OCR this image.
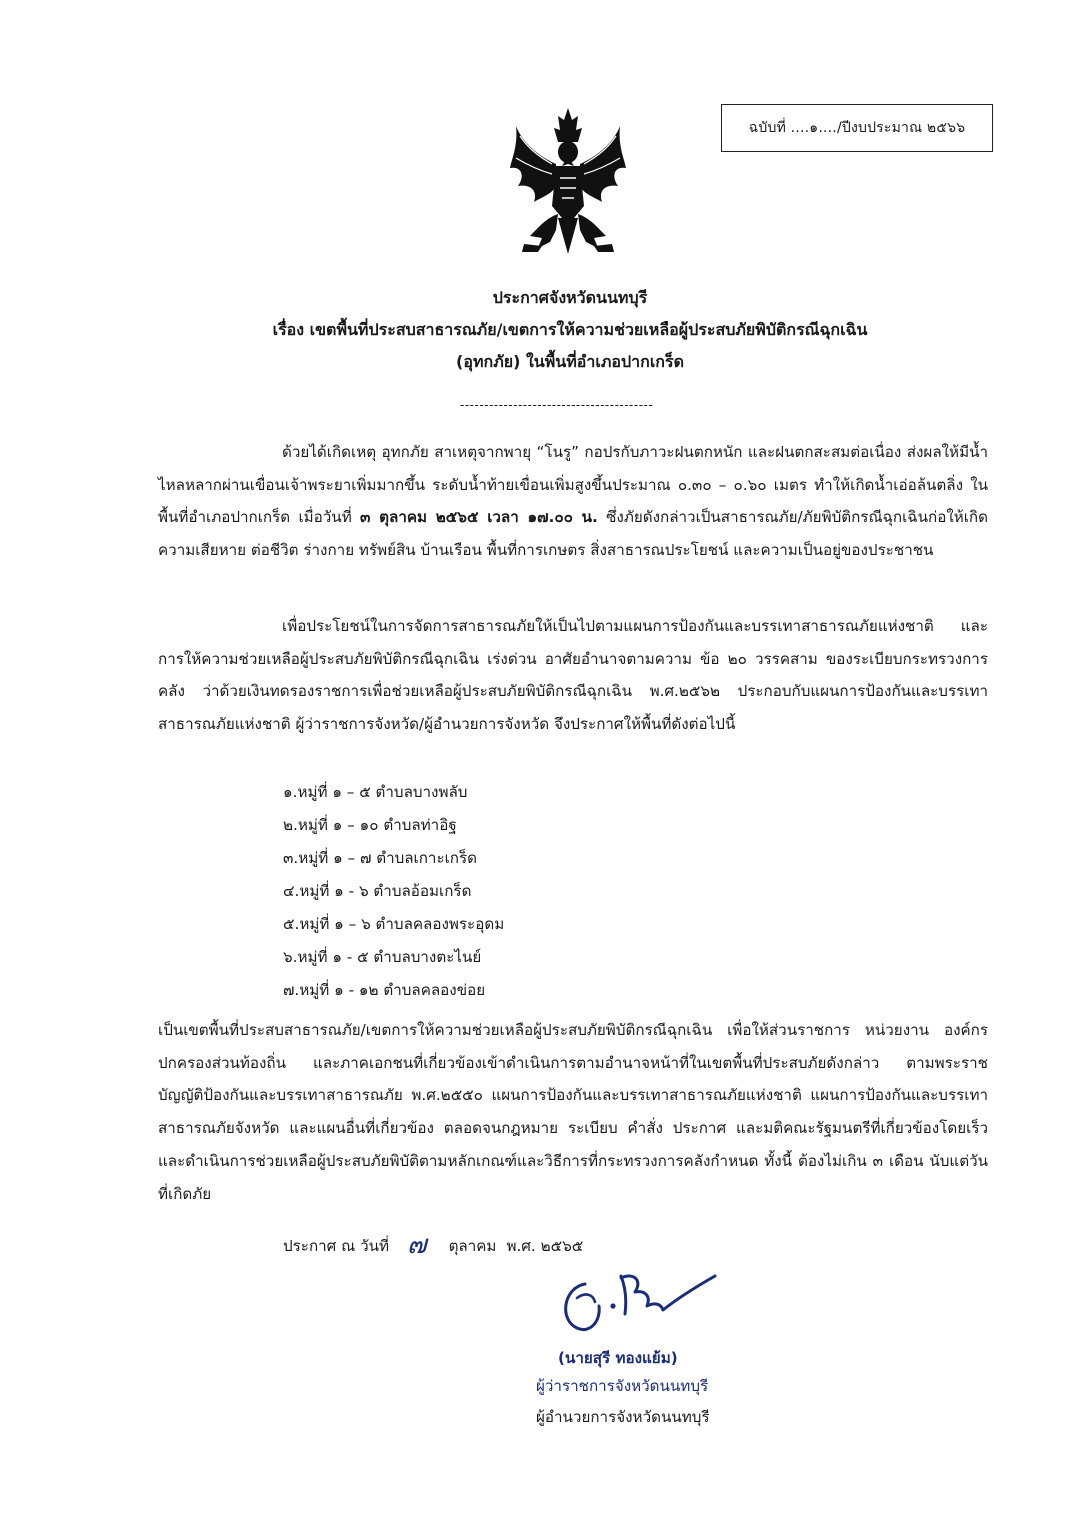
ฉบับที่ ....๑..../ปีงบประมาณ ๒๕๖๖
ประกาศจังหวัดนนทบุรี
เรื่อง เขตพื้นที่ประสบสาธารณภัย/เขตการให้ความช่วยเหลือผู้ประสบภัยพิบัติกรณีฉุกเฉิน
(อุทกภัย) ในพื้นที่อำเภอปากเกร็ด
----------------------------------------
ด้วยได้เกิดเหตุ อุทกภัย สาเหตุจากพายุ “โนรู” กอปรกับภาวะฝนตกหนัก และฝนตกสะสมต่อเนื่อง ส่งผลให้มีน้ำไหลหลากผ่านเขื่อนเจ้าพระยาเพิ่มมากขึ้น ระดับน้ำท้ายเขื่อนเพิ่มสูงขึ้นประมาณ ๐.๓๐ – ๐.๖๐ เมตร ทำให้เกิดน้ำเอ่อล้นตลิ่ง ในพื้นที่อำเภอปากเกร็ด เมื่อวันที่ ๓ ตุลาคม ๒๕๖๕ เวลา ๑๗.๐๐ น. ซึ่งภัยดังกล่าวเป็นสาธารณภัย/ภัยพิบัติกรณีฉุกเฉินก่อให้เกิดความเสียหาย ต่อชีวิต ร่างกาย ทรัพย์สิน บ้านเรือน พื้นที่การเกษตร สิ่งสาธารณประโยชน์ และความเป็นอยู่ของประชาชน
เพื่อประโยชน์ในการจัดการสาธารณภัยให้เป็นไปตามแผนการป้องกันและบรรเทาสาธารณภัยแห่งชาติ และการให้ความช่วยเหลือผู้ประสบภัยพิบัติกรณีฉุกเฉิน เร่งด่วน อาศัยอำนาจตามความ ข้อ ๒๐ วรรคสาม ของระเบียบกระทรวงการคลัง ว่าด้วยเงินทดรองราชการเพื่อช่วยเหลือผู้ประสบภัยพิบัติกรณีฉุกเฉิน พ.ศ.๒๕๖๒ ประกอบกับแผนการป้องกันและบรรเทาสาธารณภัยแห่งชาติ ผู้ว่าราชการจังหวัด/ผู้อำนวยการจังหวัด จึงประกาศให้พื้นที่ดังต่อไปนี้
๑.หมู่ที่ ๑ – ๕ ตำบลบางพลับ
๒.หมู่ที่ ๑ – ๑๐ ตำบลท่าอิฐ
๓.หมู่ที่ ๑ – ๗ ตำบลเกาะเกร็ด
๔.หมู่ที่ ๑ - ๖ ตำบลอ้อมเกร็ด
๕.หมู่ที่ ๑ – ๖ ตำบลคลองพระอุดม
๖.หมู่ที่ ๑ - ๕ ตำบลบางตะไนย์
๗.หมู่ที่ ๑ - ๑๒ ตำบลคลองข่อย
เป็นเขตพื้นที่ประสบสาธารณภัย/เขตการให้ความช่วยเหลือผู้ประสบภัยพิบัติกรณีฉุกเฉิน เพื่อให้ส่วนราชการ หน่วยงาน องค์กรปกครองส่วนท้องถิ่น และภาคเอกชนที่เกี่ยวข้องเข้าดำเนินการตามอำนาจหน้าที่ในเขตพื้นที่ประสบภัยดังกล่าว ตามพระราชบัญญัติป้องกันและบรรเทาสาธารณภัย พ.ศ.๒๕๕๐ แผนการป้องกันและบรรเทาสาธารณภัยแห่งชาติ แผนการป้องกันและบรรเทาสาธารณภัยจังหวัด และแผนอื่นที่เกี่ยวข้อง ตลอดจนกฎหมาย ระเบียบ คำสั่ง ประกาศ และมติคณะรัฐมนตรีที่เกี่ยวข้องโดยเร็ว และดำเนินการช่วยเหลือผู้ประสบภัยพิบัติตามหลักเกณฑ์และวิธีการที่กระทรวงการคลังกำหนด ทั้งนี้ ต้องไม่เกิน ๓ เดือน นับแต่วันที่เกิดภัย
ประกาศ ณ วันที่ ๗ ตุลาคม พ.ศ. ๒๕๖๕
(นายสุรี ทองแย้ม)
ผู้ว่าราชการจังหวัดนนทบุรี
ผู้อำนวยการจังหวัดนนทบุรี
